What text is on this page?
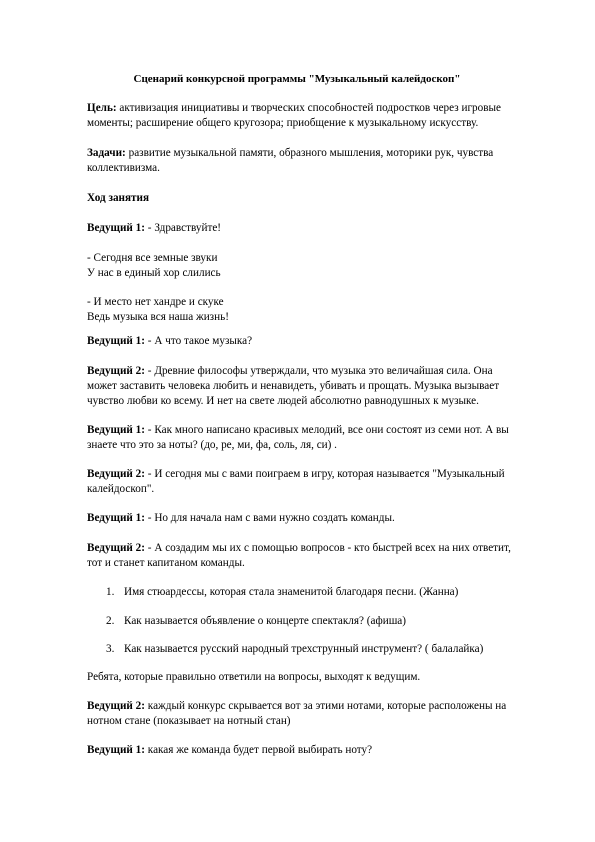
Сценарий конкурсной программы "Музыкальный калейдоскоп"

Цель: активизация инициативы и творческих способностей подростков через игровые моменты; расширение общего кругозора; приобщение к музыкальному искусству.

Задачи: развитие музыкальной памяти, образного мышления, моторики рук, чувства коллективизма.

Ход занятия

Ведущий 1: - Здравствуйте!

- Сегодня все земные звуки
У нас в единый хор слились

- И место нет хандре и скуке
Ведь музыка вся наша жизнь!

Ведущий 1: - А что такое музыка?

Ведущий 2: - Древние философы утверждали, что музыка это величайшая сила. Она может заставить человека любить и ненавидеть, убивать и прощать. Музыка вызывает чувство любви ко всему. И нет на свете людей абсолютно равнодушных к музыке.

Ведущий 1: - Как много написано красивых мелодий, все они состоят из семи нот. А вы знаете что это за ноты? (до, ре, ми, фа, соль, ля, си) .

Ведущий 2: - И сегодня мы с вами поиграем в игру, которая называется "Музыкальный калейдоскоп".

Ведущий 1: - Но для начала нам с вами нужно создать команды.

Ведущий 2: - А создадим мы их с помощью вопросов - кто быстрей всех на них ответит, тот и станет капитаном команды.

1. Имя стюардессы, которая стала знаменитой благодаря песни. (Жанна)
2. Как называется объявление о концерте спектакля? (афиша)
3. Как называется русский народный трехструнный инструмент? ( балалайка)

Ребята, которые правильно ответили на вопросы, выходят к ведущим.

Ведущий 2: каждый конкурс скрывается вот за этими нотами, которые расположены на нотном стане (показывает на нотный стан)

Ведущий 1: какая же команда будет первой выбирать ноту?
